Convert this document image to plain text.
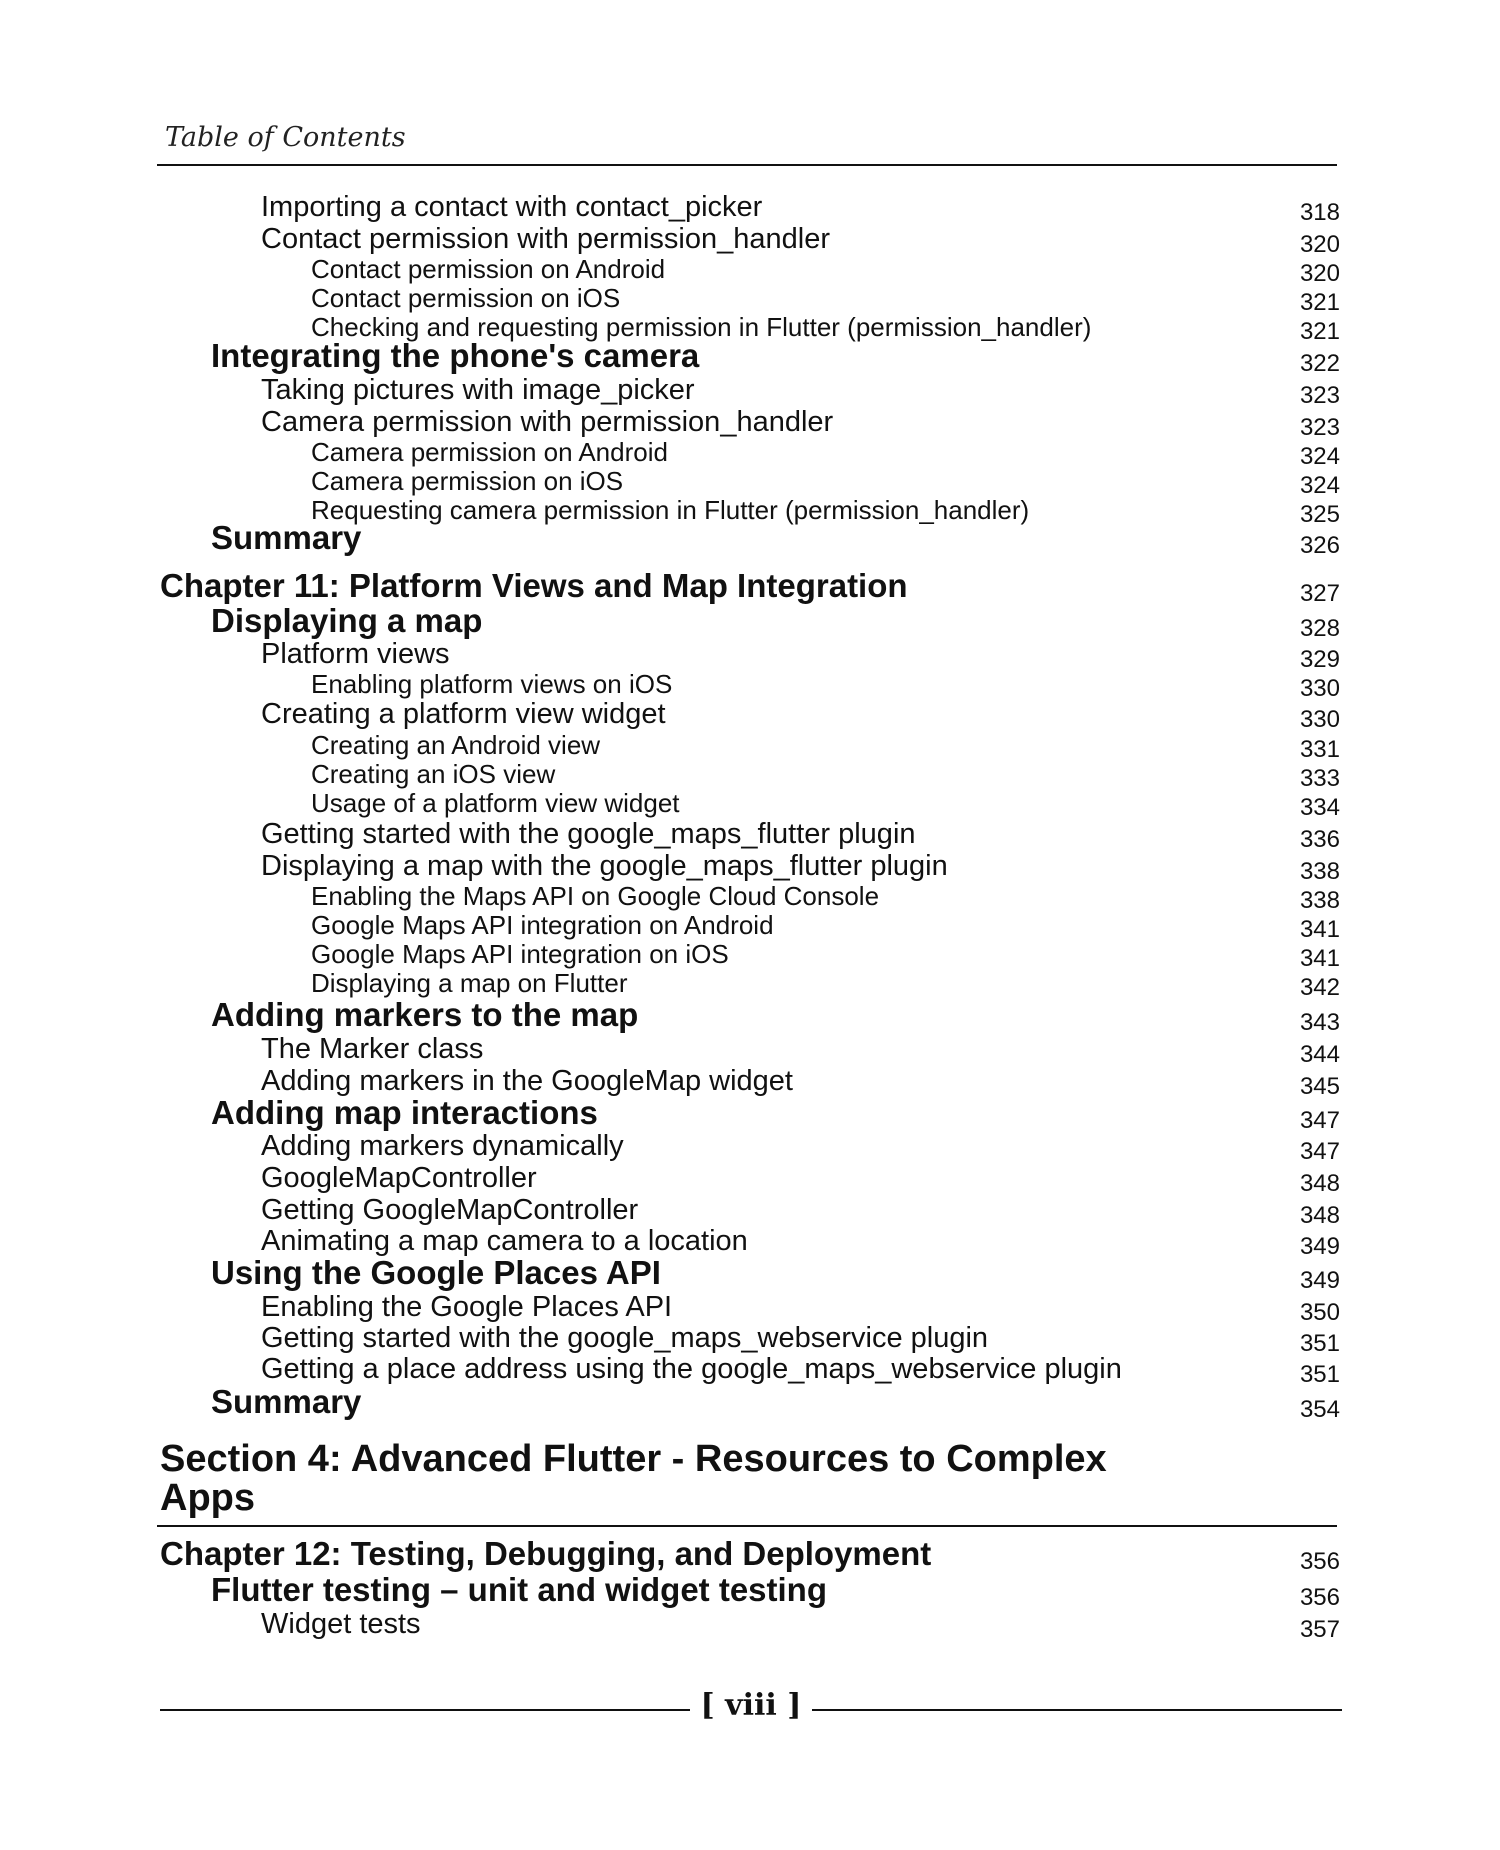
Table of Contents
Importing a contact with contact_picker	318
Contact permission with permission_handler	320
Contact permission on Android	320
Contact permission on iOS	321
Checking and requesting permission in Flutter (permission_handler)	321
Integrating the phone's camera	322
Taking pictures with image_picker	323
Camera permission with permission_handler	323
Camera permission on Android	324
Camera permission on iOS	324
Requesting camera permission in Flutter (permission_handler)	325
Summary	326
Chapter 11: Platform Views and Map Integration	327
Displaying a map	328
Platform views	329
Enabling platform views on iOS	330
Creating a platform view widget	330
Creating an Android view	331
Creating an iOS view	333
Usage of a platform view widget	334
Getting started with the google_maps_flutter plugin	336
Displaying a map with the google_maps_flutter plugin	338
Enabling the Maps API on Google Cloud Console	338
Google Maps API integration on Android	341
Google Maps API integration on iOS	341
Displaying a map on Flutter	342
Adding markers to the map	343
The Marker class	344
Adding markers in the GoogleMap widget	345
Adding map interactions	347
Adding markers dynamically	347
GoogleMapController	348
Getting GoogleMapController	348
Animating a map camera to a location	349
Using the Google Places API	349
Enabling the Google Places API	350
Getting started with the google_maps_webservice plugin	351
Getting a place address using the google_maps_webservice plugin	351
Summary	354
Section 4: Advanced Flutter - Resources to Complex Apps
Chapter 12: Testing, Debugging, and Deployment	356
Flutter testing – unit and widget testing	356
Widget tests	357
[ viii ]
